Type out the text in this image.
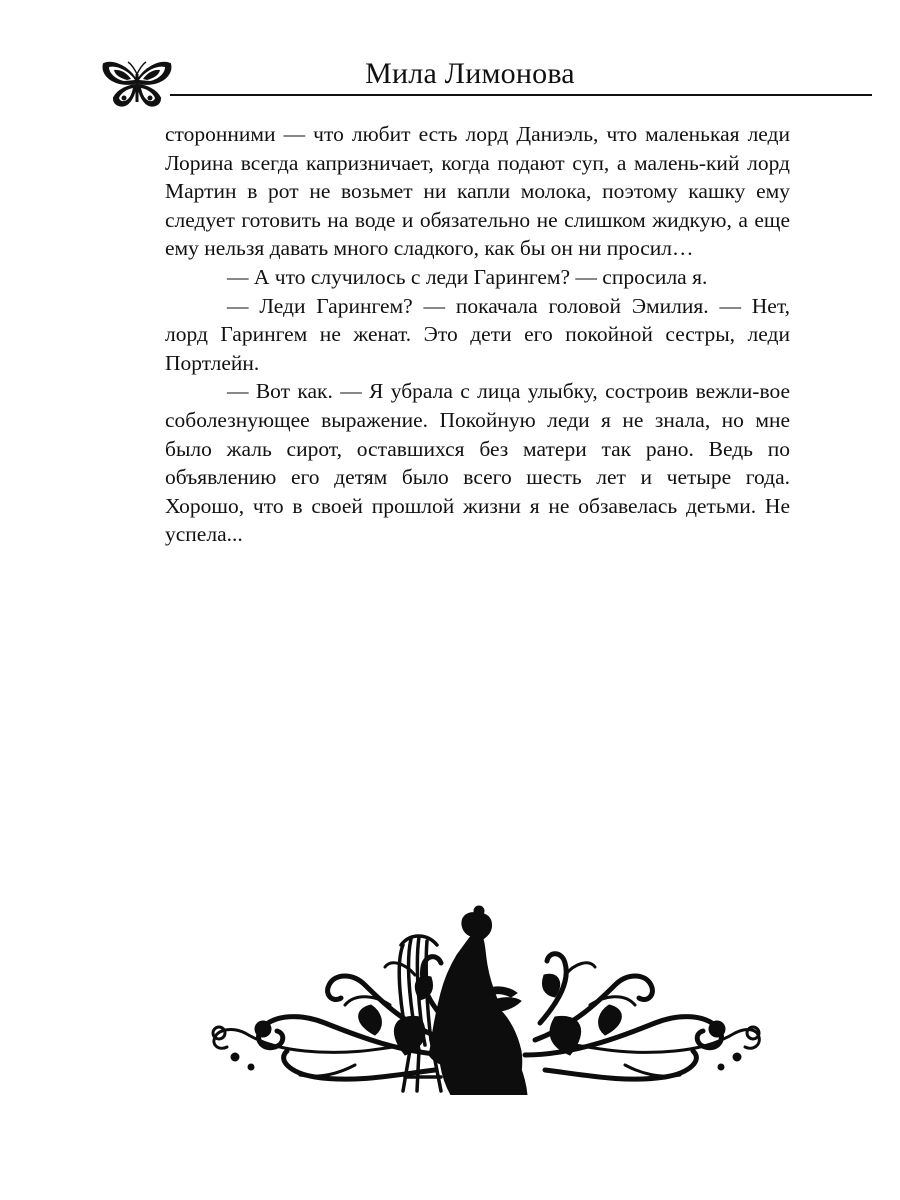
Мила Лимонова

сторонними — что любит есть лорд Даниэль, что маленькая леди Лорина всегда капризничает, когда подают суп, а малень-кий лорд Мартин в рот не возьмет ни капли молока, поэтому кашку ему следует готовить на воде и обязательно не слишком жидкую, а еще ему нельзя давать много сладкого, как бы он ни просил…

— А что случилось с леди Гарингем? — спросила я.

— Леди Гарингем? — покачала головой Эмилия. — Нет, лорд Гарингем не женат. Это дети его покойной сестры, леди Портлейн.

— Вот как. — Я убрала с лица улыбку, состроив вежли-вое соболезнующее выражение. Покойную леди я не знала, но мне было жаль сирот, оставшихся без матери так рано. Ведь по объявлению его детям было всего шесть лет и четыре года. Хорошо, что в своей прошлой жизни я не обзавелась детьми. Не успела...
